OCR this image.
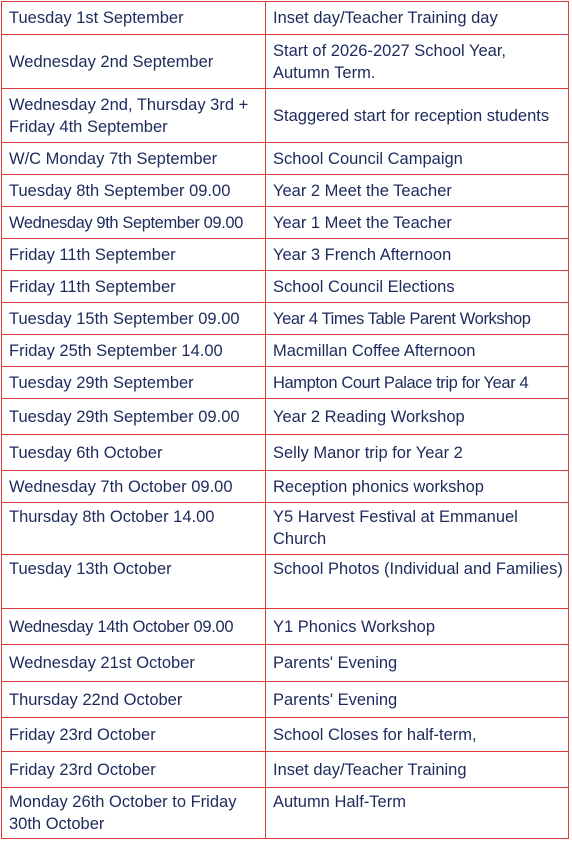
Tuesday 1st September	Inset day/Teacher Training day
Wednesday 2nd September	Start of 2026-2027 School Year, Autumn Term.
Wednesday 2nd, Thursday 3rd + Friday 4th September	Staggered start for reception students
W/C Monday 7th September	School Council Campaign
Tuesday 8th September 09.00	Year 2 Meet the Teacher
Wednesday 9th September 09.00	Year 1 Meet the Teacher
Friday 11th September	Year 3 French Afternoon
Friday 11th September	School Council Elections
Tuesday 15th September 09.00	Year 4 Times Table Parent Workshop
Friday 25th September 14.00	Macmillan Coffee Afternoon
Tuesday 29th September	Hampton Court Palace trip for Year 4
Tuesday 29th September 09.00	Year 2 Reading Workshop
Tuesday 6th October	Selly Manor trip for Year 2
Wednesday 7th October 09.00	Reception phonics workshop
Thursday 8th October 14.00	Y5 Harvest Festival at Emmanuel Church
Tuesday 13th October	School Photos (Individual and Families)
Wednesday 14th October 09.00	Y1 Phonics Workshop
Wednesday 21st October	Parents' Evening
Thursday 22nd October	Parents' Evening
Friday 23rd October	School Closes for half-term,
Friday 23rd October	Inset day/Teacher Training
Monday 26th October to Friday 30th October	Autumn Half-Term
